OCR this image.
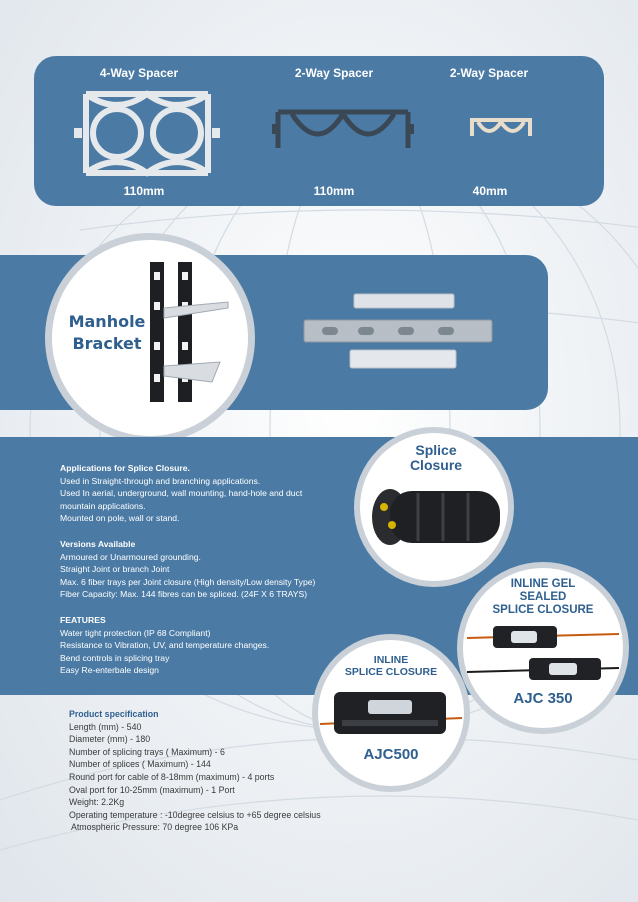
4-Way Spacer	2-Way Spacer	2-Way Spacer
110mm	110mm	40mm
Manhole
Bracket
Applications for Splice Closure.
Used in Straight-through and branching applications.
Used In aerial, underground, wall mounting, hand-hole and duct
mountain applications.
Mounted on pole, wall or stand.
Versions Available
Armoured or Unarmoured grounding.
Straight Joint or branch Joint
Max. 6 fiber trays per Joint closure (High density/Low density Type)
Fiber Capacity: Max. 144 fibres can be spliced. (24F X 6 TRAYS)
FEATURES
Water tight protection (IP 68 Compliant)
Resistance to Vibration, UV, and temperature changes.
Bend controls in splicing tray
Easy Re-enterbale design
Splice
Closure
INLINE GEL
SEALED
SPLICE CLOSURE
AJC 350
INLINE
SPLICE CLOSURE
AJC500
Product specification
Length (mm) - 540
Diameter (mm) - 180
Number of splicing trays ( Maximum) - 6
Number of splices ( Maximum) - 144
Round port for cable of 8-18mm (maximum) - 4 ports
Oval port for 10-25mm (maximum) - 1 Port
Weight: 2.2Kg
Operating temperature : -10degree celsius to +65 degree celsius
Atmospheric Pressure: 70 degree 106 KPa
